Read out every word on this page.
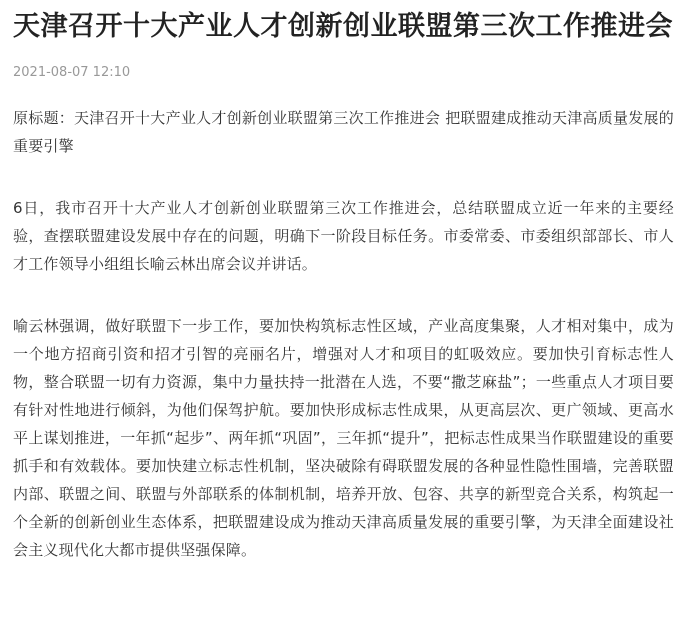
天津召开十大产业人才创新创业联盟第三次工作推进会
2021-08-07 12:10

原标题：天津召开十大产业人才创新创业联盟第三次工作推进会 把联盟建成推动天津高质量发展的重要引擎

6日，我市召开十大产业人才创新创业联盟第三次工作推进会，总结联盟成立近一年来的主要经验，查摆联盟建设发展中存在的问题，明确下一阶段目标任务。市委常委、市委组织部部长、市人才工作领导小组组长喻云林出席会议并讲话。

喻云林强调，做好联盟下一步工作，要加快构筑标志性区域，产业高度集聚，人才相对集中，成为一个地方招商引资和招才引智的亮丽名片，增强对人才和项目的虹吸效应。要加快引育标志性人物，整合联盟一切有力资源，集中力量扶持一批潜在人选，不要“撒芝麻盐”；一些重点人才项目要有针对性地进行倾斜，为他们保驾护航。要加快形成标志性成果，从更高层次、更广领域、更高水平上谋划推进，一年抓“起步”、两年抓“巩固”，三年抓“提升”，把标志性成果当作联盟建设的重要抓手和有效载体。要加快建立标志性机制，坚决破除有碍联盟发展的各种显性隐性围墙，完善联盟内部、联盟之间、联盟与外部联系的体制机制，培养开放、包容、共享的新型竞合关系，构筑起一个全新的创新创业生态体系，把联盟建设成为推动天津高质量发展的重要引擎，为天津全面建设社会主义现代化大都市提供坚强保障。
